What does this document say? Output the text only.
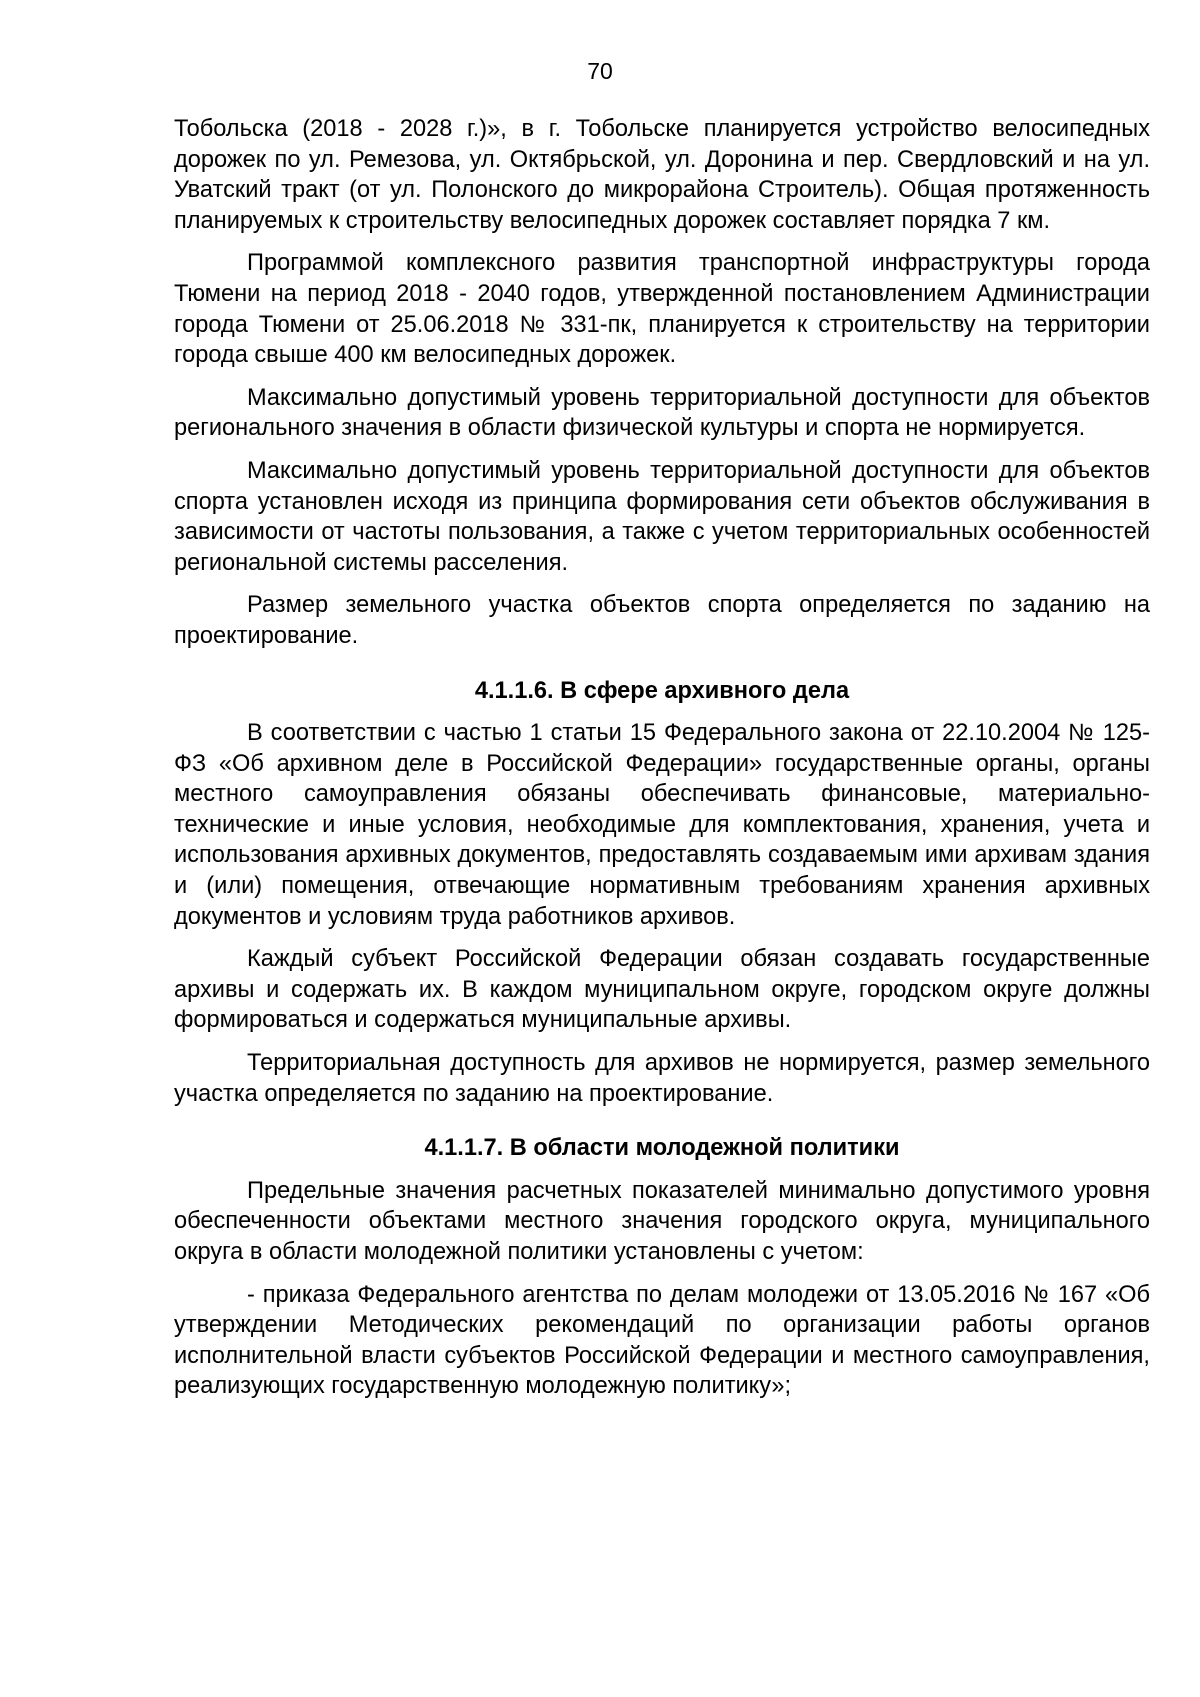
70

Тобольска (2018 - 2028 г.)», в г. Тобольске планируется устройство велосипедных дорожек по ул. Ремезова, ул. Октябрьской, ул. Доронина и пер. Свердловский и на ул. Уватский тракт (от ул. Полонского до микрорайона Строитель). Общая протяженность планируемых к строительству велосипедных дорожек составляет порядка 7 км.

Программой комплексного развития транспортной инфраструктуры города Тюмени на период 2018 - 2040 годов, утвержденной постановлением Администрации города Тюмени от 25.06.2018 № 331-пк, планируется к строительству на территории города свыше 400 км велосипедных дорожек.

Максимально допустимый уровень территориальной доступности для объектов регионального значения в области физической культуры и спорта не нормируется.

Максимально допустимый уровень территориальной доступности для объектов спорта установлен исходя из принципа формирования сети объектов обслуживания в зависимости от частоты пользования, а также с учетом территориальных особенностей региональной системы расселения.

Размер земельного участка объектов спорта определяется по заданию на проектирование.

4.1.1.6. В сфере архивного дела

В соответствии с частью 1 статьи 15 Федерального закона от 22.10.2004 № 125-ФЗ «Об архивном деле в Российской Федерации» государственные органы, органы местного самоуправления обязаны обеспечивать финансовые, материально-технические и иные условия, необходимые для комплектования, хранения, учета и использования архивных документов, предоставлять создаваемым ими архивам здания и (или) помещения, отвечающие нормативным требованиям хранения архивных документов и условиям труда работников архивов.

Каждый субъект Российской Федерации обязан создавать государственные архивы и содержать их. В каждом муниципальном округе, городском округе должны формироваться и содержаться муниципальные архивы.

Территориальная доступность для архивов не нормируется, размер земельного участка определяется по заданию на проектирование.

4.1.1.7. В области молодежной политики

Предельные значения расчетных показателей минимально допустимого уровня обеспеченности объектами местного значения городского округа, муниципального округа в области молодежной политики установлены с учетом:

- приказа Федерального агентства по делам молодежи от 13.05.2016 № 167 «Об утверждении Методических рекомендаций по организации работы органов исполнительной власти субъектов Российской Федерации и местного самоуправления, реализующих государственную молодежную политику»;
